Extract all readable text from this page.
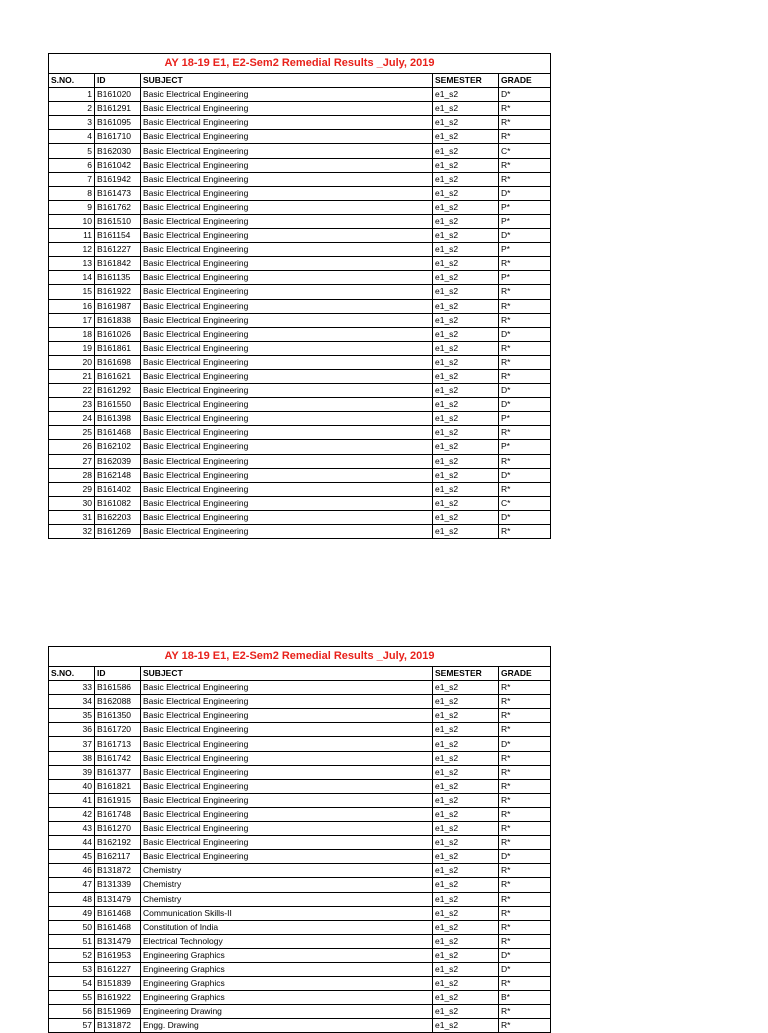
AY 18-19 E1, E2-Sem2 Remedial Results _July, 2019				
S.NO.	ID	SUBJECT	SEMESTER	GRADE
1	B161020	Basic Electrical Engineering	e1_s2	D*
2	B161291	Basic Electrical Engineering	e1_s2	R*
3	B161095	Basic Electrical Engineering	e1_s2	R*
4	B161710	Basic Electrical Engineering	e1_s2	R*
5	B162030	Basic Electrical Engineering	e1_s2	C*
6	B161042	Basic Electrical Engineering	e1_s2	R*
7	B161942	Basic Electrical Engineering	e1_s2	R*
8	B161473	Basic Electrical Engineering	e1_s2	D*
9	B161762	Basic Electrical Engineering	e1_s2	P*
10	B161510	Basic Electrical Engineering	e1_s2	P*
11	B161154	Basic Electrical Engineering	e1_s2	D*
12	B161227	Basic Electrical Engineering	e1_s2	P*
13	B161842	Basic Electrical Engineering	e1_s2	R*
14	B161135	Basic Electrical Engineering	e1_s2	P*
15	B161922	Basic Electrical Engineering	e1_s2	R*
16	B161987	Basic Electrical Engineering	e1_s2	R*
17	B161838	Basic Electrical Engineering	e1_s2	R*
18	B161026	Basic Electrical Engineering	e1_s2	D*
19	B161861	Basic Electrical Engineering	e1_s2	R*
20	B161698	Basic Electrical Engineering	e1_s2	R*
21	B161621	Basic Electrical Engineering	e1_s2	R*
22	B161292	Basic Electrical Engineering	e1_s2	D*
23	B161550	Basic Electrical Engineering	e1_s2	D*
24	B161398	Basic Electrical Engineering	e1_s2	P*
25	B161468	Basic Electrical Engineering	e1_s2	R*
26	B162102	Basic Electrical Engineering	e1_s2	P*
27	B162039	Basic Electrical Engineering	e1_s2	R*
28	B162148	Basic Electrical Engineering	e1_s2	D*
29	B161402	Basic Electrical Engineering	e1_s2	R*
30	B161082	Basic Electrical Engineering	e1_s2	C*
31	B162203	Basic Electrical Engineering	e1_s2	D*
32	B161269	Basic Electrical Engineering	e1_s2	R*
AY 18-19 E1, E2-Sem2 Remedial Results _July, 2019				
S.NO.	ID	SUBJECT	SEMESTER	GRADE
33	B161586	Basic Electrical Engineering	e1_s2	R*
34	B162088	Basic Electrical Engineering	e1_s2	R*
35	B161350	Basic Electrical Engineering	e1_s2	R*
36	B161720	Basic Electrical Engineering	e1_s2	R*
37	B161713	Basic Electrical Engineering	e1_s2	D*
38	B161742	Basic Electrical Engineering	e1_s2	R*
39	B161377	Basic Electrical Engineering	e1_s2	R*
40	B161821	Basic Electrical Engineering	e1_s2	R*
41	B161915	Basic Electrical Engineering	e1_s2	R*
42	B161748	Basic Electrical Engineering	e1_s2	R*
43	B161270	Basic Electrical Engineering	e1_s2	R*
44	B162192	Basic Electrical Engineering	e1_s2	R*
45	B162117	Basic Electrical Engineering	e1_s2	D*
46	B131872	Chemistry	e1_s2	R*
47	B131339	Chemistry	e1_s2	R*
48	B131479	Chemistry	e1_s2	R*
49	B161468	Communication Skills-II	e1_s2	R*
50	B161468	Constitution of India	e1_s2	R*
51	B131479	Electrical Technology	e1_s2	R*
52	B161953	Engineering Graphics	e1_s2	D*
53	B161227	Engineering Graphics	e1_s2	D*
54	B151839	Engineering Graphics	e1_s2	R*
55	B161922	Engineering Graphics	e1_s2	B*
56	B151969	Engineering Drawing	e1_s2	R*
57	B131872	Engg. Drawing	e1_s2	R*
